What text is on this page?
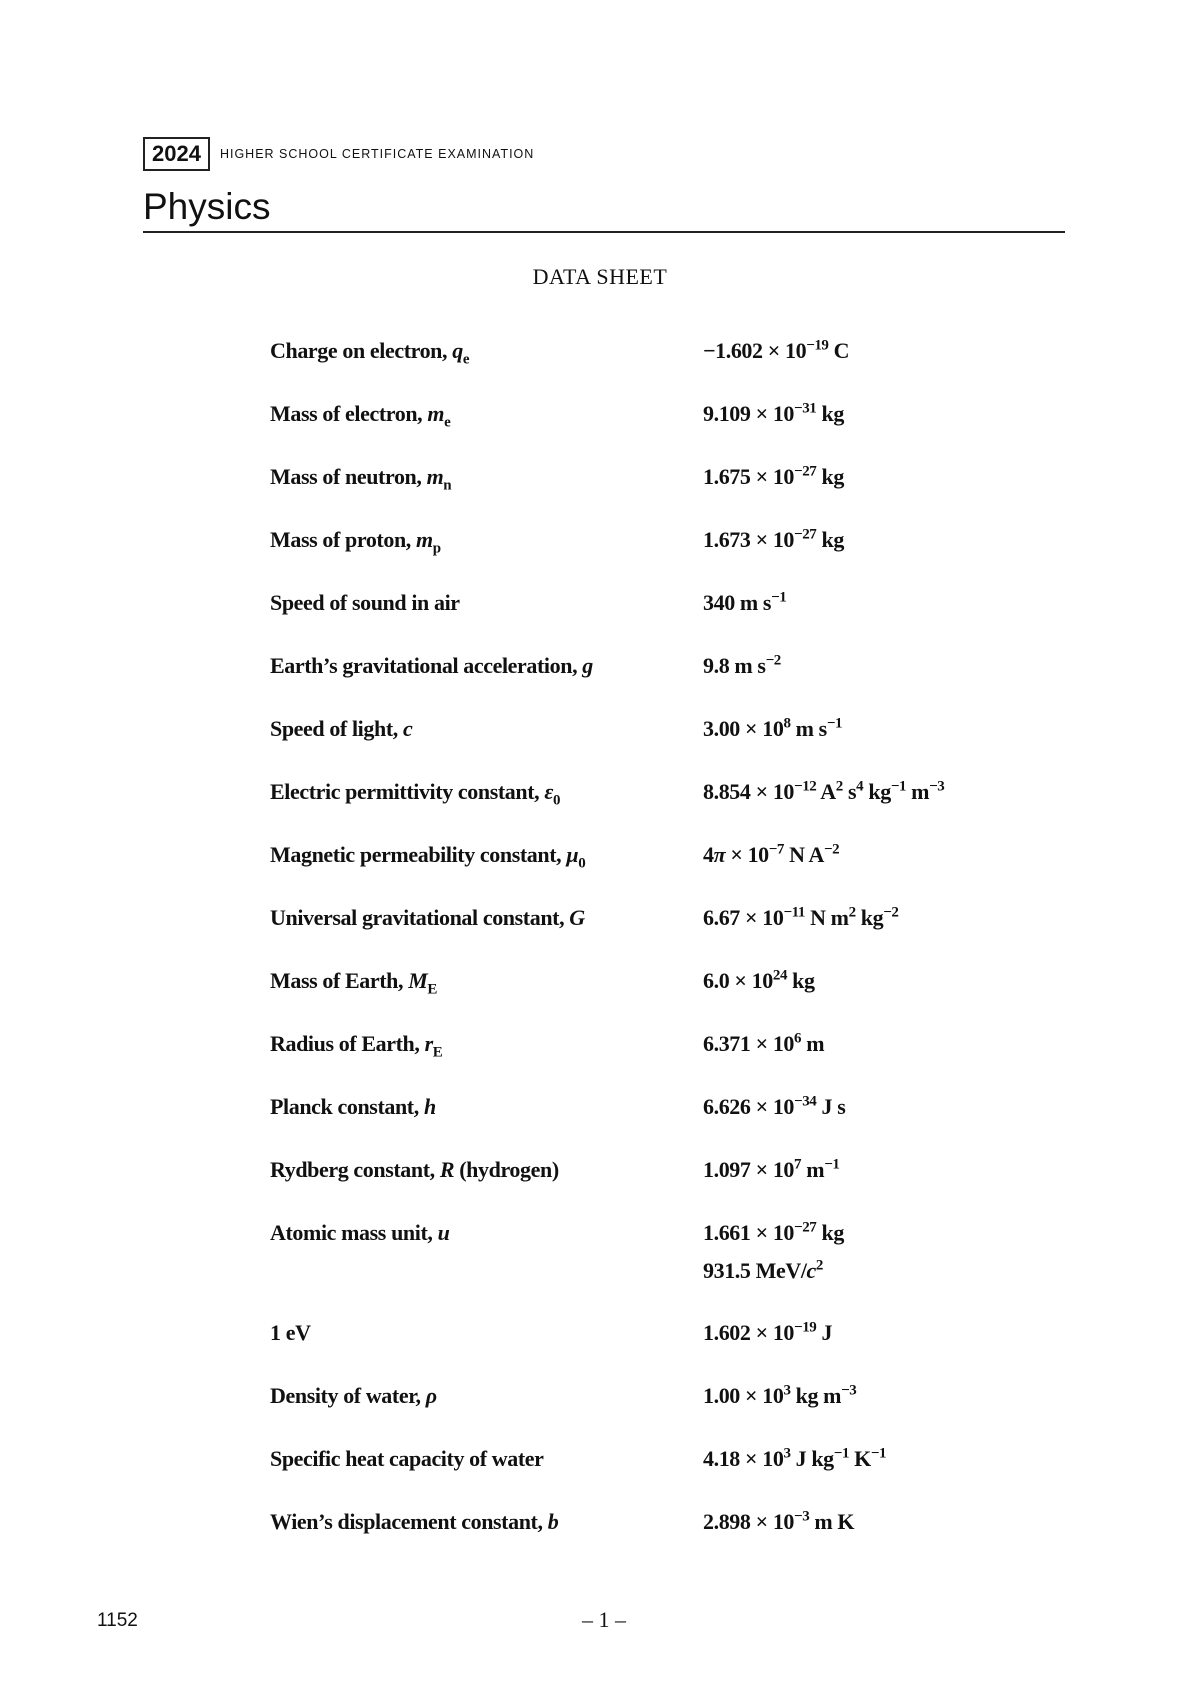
2024	HIGHER SCHOOL CERTIFICATE EXAMINATION
Physics
DATA SHEET
Charge on electron, $q_e$	$-1.602 \times 10^{-19}$ C
Mass of electron, $m_e$	$9.109 \times 10^{-31}$ kg
Mass of neutron, $m_n$	$1.675 \times 10^{-27}$ kg
Mass of proton, $m_p$	$1.673 \times 10^{-27}$ kg
Speed of sound in air	340 m $s^{-1}$
Earth’s gravitational acceleration, g	9.8 m $s^{-2}$
Speed of light, c	$3.00 \times 10^8$ m $s^{-1}$
Electric permittivity constant, $\varepsilon_0$	$8.854 \times 10^{-12}$ $A^2$ $s^4$ $kg^{-1}$ $m^{-3}$
Magnetic permeability constant, $\mu_0$	$4\pi \times 10^{-7}$ N $A^{-2}$
Universal gravitational constant, G	$6.67 \times 10^{-11}$ N $m^2$ $kg^{-2}$
Mass of Earth, $M_E$	$6.0 \times 10^{24}$ kg
Radius of Earth, $r_E$	$6.371 \times 10^6$ m
Planck constant, h	$6.626 \times 10^{-34}$ J s
Rydberg constant, R (hydrogen)	$1.097 \times 10^7$ $m^{-1}$
Atomic mass unit, u	$1.661 \times 10^{-27}$ kg
931.5 MeV/$c^2$
1 eV	$1.602 \times 10^{-19}$ J
Density of water, ρ	$1.00 \times 10^3$ kg $m^{-3}$
Specific heat capacity of water	$4.18 \times 10^3$ J $kg^{-1}$ $K^{-1}$
Wien’s displacement constant, b	$2.898 \times 10^{-3}$ m K
1152	– 1 –
